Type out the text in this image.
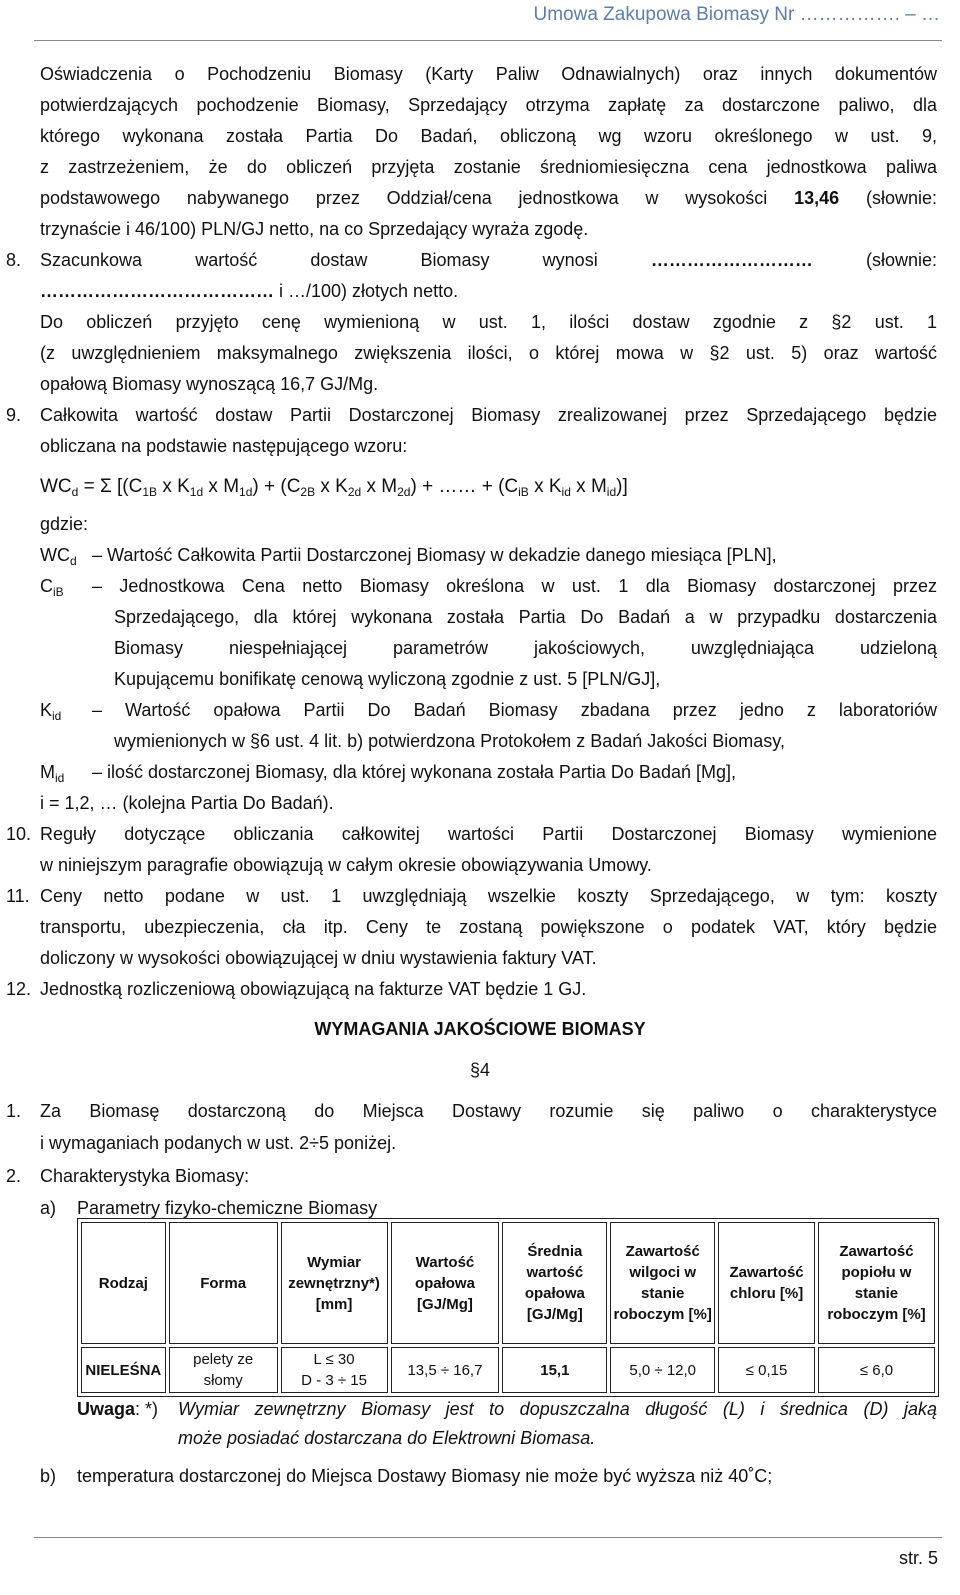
Umowa Zakupowa Biomasy Nr ……………. – …
Oświadczenia o Pochodzeniu Biomasy (Karty Paliw Odnawialnych) oraz innych dokumentów
potwierdzających pochodzenie Biomasy, Sprzedający otrzyma zapłatę za dostarczone paliwo, dla
którego wykonana została Partia Do Badań, obliczoną wg wzoru określonego w ust. 9,
z zastrzeżeniem, że do obliczeń przyjęta zostanie średniomiesięczna cena jednostkowa paliwa
podstawowego nabywanego przez Oddział/cena jednostkowa w wysokości 13,46 (słownie:
trzynaście i 46/100) PLN/GJ netto, na co Sprzedający wyraża zgodę.
8. Szacunkowa wartość dostaw Biomasy wynosi ……………………… (słownie:
………………………………… i …/100) złotych netto.
Do obliczeń przyjęto cenę wymienioną w ust. 1, ilości dostaw zgodnie z §2 ust. 1
(z uwzględnieniem maksymalnego zwiększenia ilości, o której mowa w §2 ust. 5) oraz wartość
opałową Biomasy wynoszącą 16,7 GJ/Mg.
9. Całkowita wartość dostaw Partii Dostarczonej Biomasy zrealizowanej przez Sprzedającego będzie
obliczana na podstawie następującego wzoru:
$WC_d = \Sigma$ [($C_{1B}$ x $K_{1d}$ x $M_{1d}) + (C_{2B}$ x $K_{2d}$ x $M_{2d}$) + …… + ($C_{iB}$ x $K_{id}$ x $M_{id}$)]
gdzie:
$WC_d$ – Wartość Całkowita Partii Dostarczonej Biomasy w dekadzie danego miesiąca [PLN],
$C_{iB}$ – Jednostkowa Cena netto Biomasy określona w ust. 1 dla Biomasy dostarczonej przez
Sprzedającego, dla której wykonana została Partia Do Badań a w przypadku dostarczenia
Biomasy niespełniającej parametrów jakościowych, uwzględniająca udzieloną
Kupującemu bonifikatę cenową wyliczoną zgodnie z ust. 5 [PLN/GJ],
$K_{id}$ – Wartość opałowa Partii Do Badań Biomasy zbadana przez jedno z laboratoriów
wymienionych w §6 ust. 4 lit. b) potwierdzona Protokołem z Badań Jakości Biomasy,
$M_{id}$ – ilość dostarczonej Biomasy, dla której wykonana została Partia Do Badań [Mg],
i = 1,2, … (kolejna Partia Do Badań).
10. Reguły dotyczące obliczania całkowitej wartości Partii Dostarczonej Biomasy wymienione
w niniejszym paragrafie obowiązują w całym okresie obowiązywania Umowy.
11. Ceny netto podane w ust. 1 uwzględniają wszelkie koszty Sprzedającego, w tym: koszty
transportu, ubezpieczenia, cła itp. Ceny te zostaną powiększone o podatek VAT, który będzie
doliczony w wysokości obowiązującej w dniu wystawienia faktury VAT.
12. Jednostką rozliczeniową obowiązującą na fakturze VAT będzie 1 GJ.
WYMAGANIA JAKOŚCIOWE BIOMASY
§4
1. Za Biomasę dostarczoną do Miejsca Dostawy rozumie się paliwo o charakterystyce
i wymaganiach podanych w ust. 2÷5 poniżej.
2. Charakterystyka Biomasy:
a) Parametry fizyko-chemiczne Biomasy
Rodzaj	Forma	Wymiar zewnętrzny*) [mm]	Wartość opałowa [GJ/Mg]	Średnia wartość opałowa [GJ/Mg]	Zawartość wilgoci w stanie roboczym [%]	Zawartość chloru [%]	Zawartość popiołu w stanie roboczym [%]
NIELEŚNA	pelety ze słomy	L ≤ 30
D - 3 ÷ 15	13,5 ÷ 16,7	15,1	5,0 ÷ 12,0	≤ 0,15	≤ 6,0
Uwaga: *) Wymiar zewnętrzny Biomasy jest to dopuszczalna długość (L) i średnica (D) jaką
może posiadać dostarczana do Elektrowni Biomasa.
b) temperatura dostarczonej do Miejsca Dostawy Biomasy nie może być wyższa niż 40˚C;
str. 5
